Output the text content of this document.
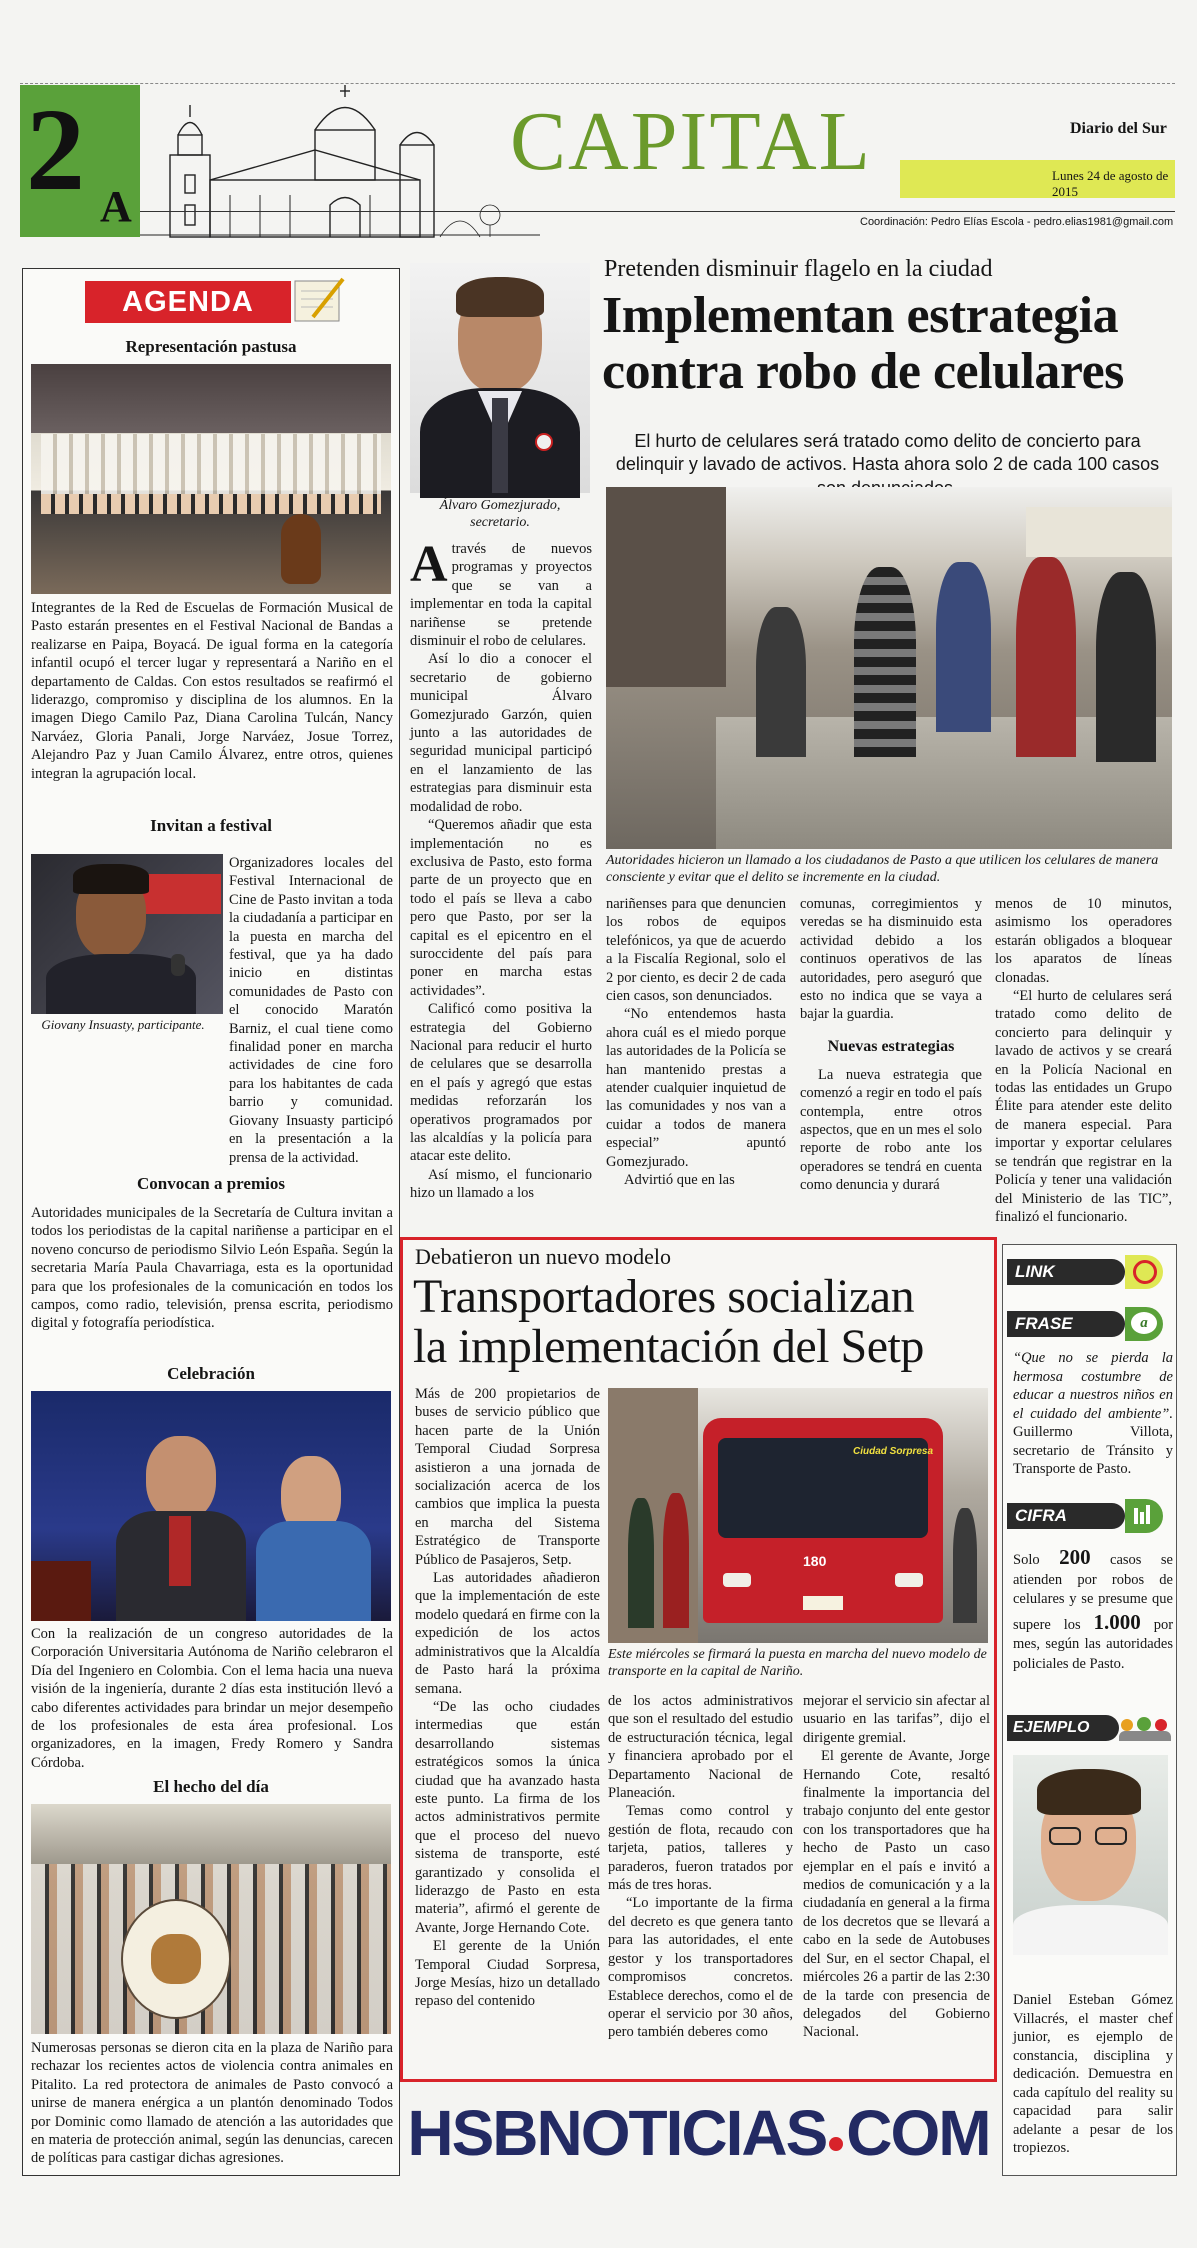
2 A
CAPITAL	Diario del Sur
Lunes 24 de agosto de 2015
Coordinación: Pedro Elías Escola - pedro.elias1981@gmail.com
AGENDA
Representación pastusa
Integrantes de la Red de Escuelas de Formación Musical de Pasto estarán presentes en el Festival Nacional de Bandas a realizarse en Paipa, Boyacá. De igual forma en la categoría infantil ocupó el tercer lugar y representará a Nariño en el departamento de Caldas. Con estos resultados se reafirmó el liderazgo, compromiso y disciplina de los alumnos. En la imagen Diego Camilo Paz, Diana Carolina Tulcán, Nancy Narváez, Gloria Panali, Jorge Narváez, Josue Torrez, Alejandro Paz y Juan Camilo Álvarez, entre otros, quienes integran la agrupación local.
Invitan a festival
Giovany Insuasty, participante.
Organizadores locales del Festival Internacional de Cine de Pasto invitan a toda la ciudadanía a participar en la puesta en marcha del festival, que ya ha dado inicio en distintas comunidades de Pasto con el conocido Maratón Barniz, el cual tiene como finalidad poner en marcha actividades de cine foro para los habitantes de cada barrio y comunidad. Giovany Insuasty participó en la presentación a la prensa de la actividad.
Convocan a premios
Autoridades municipales de la Secretaría de Cultura invitan a todos los periodistas de la capital nariñense a participar en el noveno concurso de periodismo Silvio León España. Según la secretaria María Paula Chavarriaga, esta es la oportunidad para que los profesionales de la comunicación en todos los campos, como radio, televisión, prensa escrita, periodismo digital y fotografía periodística.
Celebración
Con la realización de un congreso autoridades de la Corporación Universitaria Autónoma de Nariño celebraron el Día del Ingeniero en Colombia. Con el lema hacia una nueva visión de la ingeniería, durante 2 días esta institución llevó a cabo diferentes actividades para brindar un mejor desempeño de los profesionales de esta área profesional. Los organizadores, en la imagen, Fredy Romero y Sandra Córdoba.
El hecho del día
Numerosas personas se dieron cita en la plaza de Nariño para rechazar los recientes actos de violencia contra animales en Pitalito. La red protectora de animales de Pasto convocó a unirse de manera enérgica a un plantón denominado Todos por Dominic como llamado de atención a las autoridades que en materia de protección animal, según las denuncias, carecen de políticas para castigar dichas agresiones.
Álvaro Gomezjurado, secretario.
Pretenden disminuir flagelo en la ciudad
Implementan estrategia
contra robo de celulares
El hurto de celulares será tratado como delito de concierto para delinquir y lavado de activos. Hasta ahora solo 2 de cada 100 casos
Autoridades hicieron un llamado a los ciudadanos de Pasto a que utilicen los celulares de manera consciente y evitar que el delito se incremente en la ciudad.

A través de nuevos programas y proyectos que se van a implementar en toda la capital nariñense se pretende disminuir el robo de celulares.

Así lo dio a conocer el secretario de gobierno municipal Álvaro Gomezjurado Garzón, quien junto a las autoridades de seguridad municipal participó en el lanzamiento de las estrategias para disminuir esta modalidad de robo.

“Queremos añadir que esta implementación no es exclusiva de Pasto, esto forma parte de un proyecto que en todo el país se lleva a cabo pero que Pasto, por ser la capital es el epicentro en el suroccidente del país para poner en marcha estas actividades”.

Calificó como positiva la estrategia del Gobierno Nacional para reducir el hurto de celulares que se desarrolla en el país y agregó que estas medidas reforzarán los operativos programados por las alcaldías y la policía para atacar este delito.

Así mismo, el funcionario hizo un llamado a los

nariñenses para que denuncien los robos de equipos telefónicos, ya que de acuerdo a la Fiscalía Regional, solo el 2 por ciento, es decir 2 de cada cien casos, son denunciados.

“No entendemos hasta ahora cuál es el miedo porque las autoridades de la Policía se han mantenido prestas a atender cualquier inquietud de las comunidades y nos van a cuidar a todos de manera especial” apuntó Gomezjurado.

Advirtió que en las

comunas, corregimientos y veredas se ha disminuido esta actividad debido a los continuos operativos de las autoridades, pero aseguró que esto no indica que se vaya a bajar la guardia.

Nuevas estrategias

La nueva estrategia que comenzó a regir en todo el país contempla, entre otros aspectos, que en un mes el solo reporte de robo ante los operadores se tendrá en cuenta como denuncia y durará

menos de 10 minutos, asimismo los operadores estarán obligados a bloquear los aparatos de líneas clonadas.

“El hurto de celulares será tratado como delito de concierto para delinquir y lavado de activos y se creará en la Policía Nacional en todas las entidades un Grupo Élite para atender este delito de manera especial. Para importar y exportar celulares se tendrán que registrar en la Policía y tener una validación del Ministerio de las TIC”, finalizó el funcionario.

Debatieron un nuevo modelo
Transportadores socializan
la implementación del Setp
Ciudad Sorpresa
180
Este miércoles se firmará la puesta en marcha del nuevo modelo de transporte en la capital de Nariño.

Más de 200 propietarios de buses de servicio público que hacen parte de la Unión Temporal Ciudad Sorpresa asistieron a una jornada de socialización acerca de los cambios que implica la puesta en marcha del Sistema Estratégico de Transporte Público de Pasajeros, Setp.

Las autoridades añadieron que la implementación de este modelo quedará en firme con la expedición de los actos administrativos que la Alcaldía de Pasto hará la próxima semana.

“De las ocho ciudades intermedias que están desarrollando sistemas estratégicos somos la única ciudad que ha avanzado hasta este punto. La firma de los actos administrativos permite que el proceso del nuevo sistema de transporte, esté garantizado y consolida el liderazgo de Pasto en esta materia”, afirmó el gerente de Avante, Jorge Hernando Cote.

El gerente de la Unión Temporal Ciudad Sorpresa, Jorge Mesías, hizo un detallado repaso del contenido

de los actos administrativos que son el resultado del estudio de estructuración técnica, legal y financiera aprobado por el Departamento Nacional de Planeación.

Temas como control y gestión de flota, recaudo con tarjeta, patios, talleres y paraderos, fueron tratados por más de tres horas.

“Lo importante de la firma del decreto es que genera tanto para las autoridades, el ente gestor y los transportadores compromisos concretos. Establece derechos, como el de operar el servicio por 30 años, pero también deberes como

mejorar el servicio sin afectar al usuario en las tarifas”, dijo el dirigente gremial.

El gerente de Avante, Jorge Hernando Cote, resaltó finalmente la importancia del trabajo conjunto del ente gestor con los transportadores que ha hecho de Pasto un caso ejemplar en el país e invitó a medios de comunicación y a la ciudadanía en general a la firma de los decretos que se llevará a cabo en la sede de Autobuses del Sur, en el sector Chapal, el miércoles 26 a partir de las 2:30 de la tarde con presencia de delegados del Gobierno Nacional.

LINK
FRASE	a
“Que no se pierda la hermosa costumbre de educar a nuestros niños en el cuidado del ambiente”. Guillermo Villota, secretario de Tránsito y Transporte de Pasto.
CIFRA
Solo 200 casos se atienden por robos de celulares y se presume que supere los 1.000 por mes, según las autoridades policiales de Pasto.
EJEMPLO
Daniel Esteban Gómez Villacrés, el master chef junior, es ejemplo de constancia, disciplina y dedicación. Demuestra en cada capítulo del reality su capacidad para salir adelante a pesar de los tropiezos.
HSBNOTICIAS COM
